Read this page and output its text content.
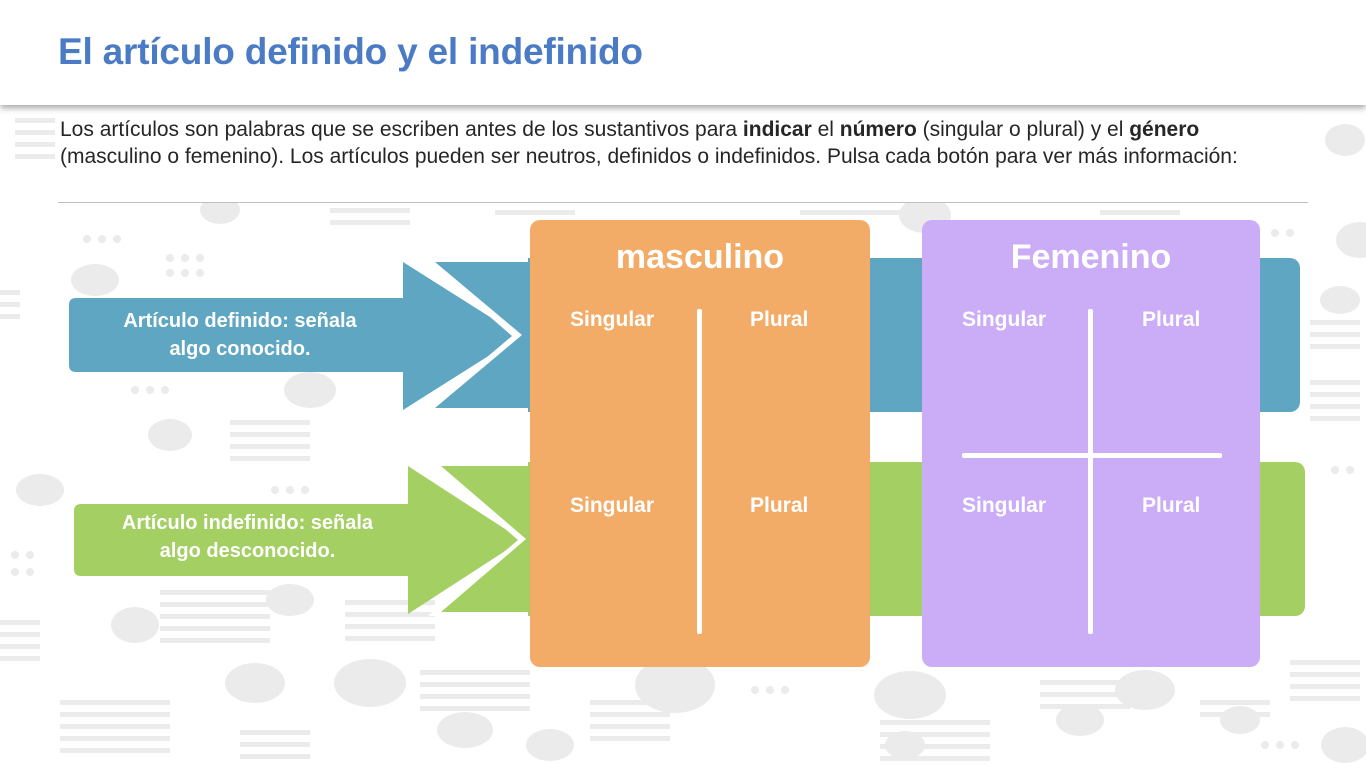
El artículo definido y el indefinido
Los artículos son palabras que se escriben antes de los sustantivos para indicar el número (singular o plural) y el género (masculino o femenino). Los artículos pueden ser neutros, definidos o indefinidos. Pulsa cada botón para ver más información:
Artículo definido: señala
algo conocido.
Artículo indefinido: señala
algo desconocido.
masculino
Singular	Plural
Singular	Plural
Femenino
Singular	Plural
Singular	Plural
